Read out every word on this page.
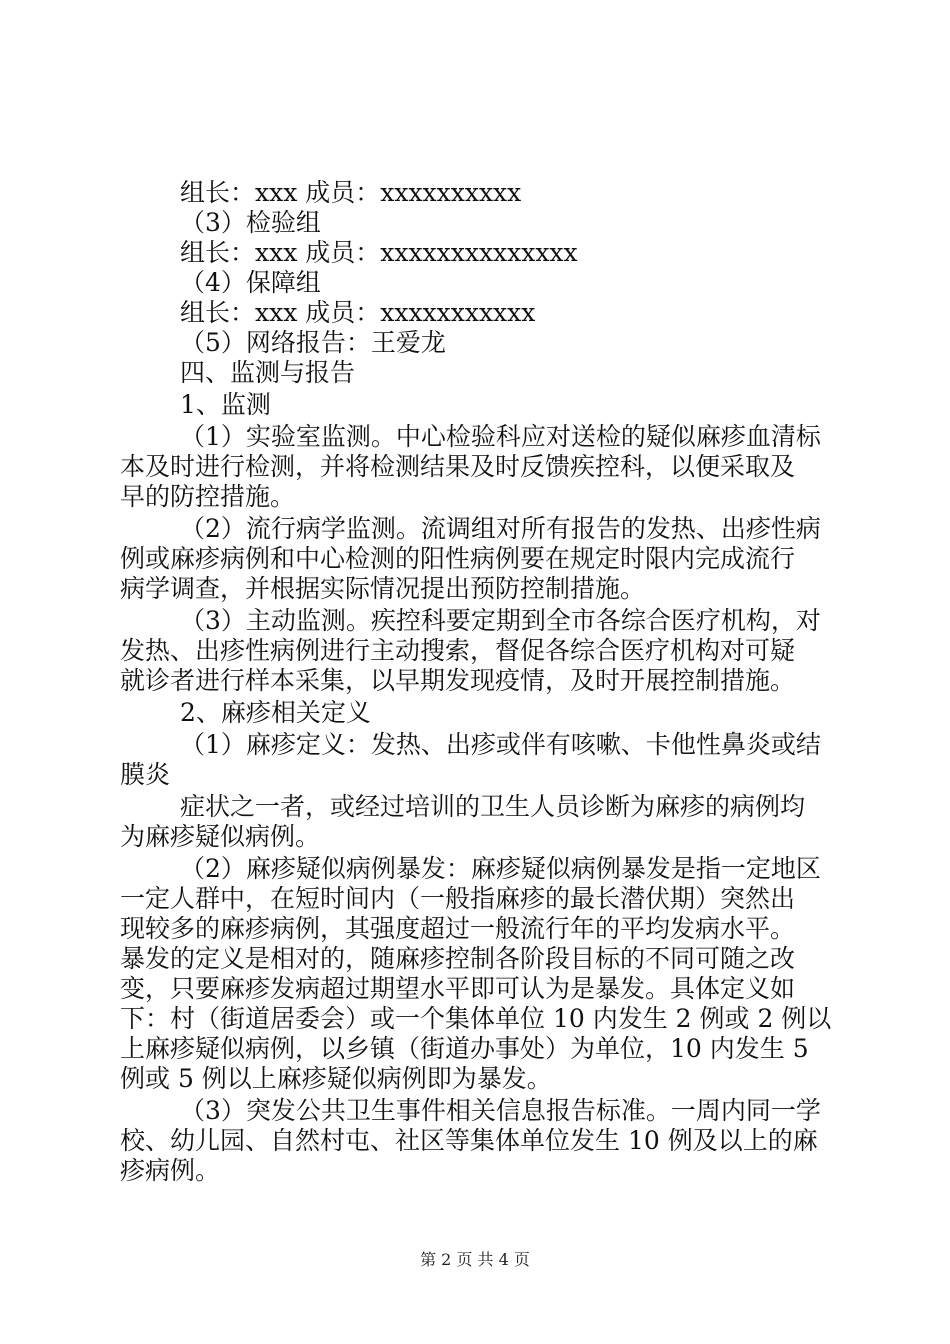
组长：xxx 成员：xxxxxxxxxx
（3）检验组
组长：xxx 成员：xxxxxxxxxxxxxx
（4）保障组
组长：xxx 成员：xxxxxxxxxxx
（5）网络报告：王爱龙
四、监测与报告
1、监测
（1）实验室监测。中心检验科应对送检的疑似麻疹血清标
本及时进行检测，并将检测结果及时反馈疾控科，以便采取及
早的防控措施。
（2）流行病学监测。流调组对所有报告的发热、出疹性病
例或麻疹病例和中心检测的阳性病例要在规定时限内完成流行
病学调查，并根据实际情况提出预防控制措施。
（3）主动监测。疾控科要定期到全市各综合医疗机构，对
发热、出疹性病例进行主动搜索，督促各综合医疗机构对可疑
就诊者进行样本采集，以早期发现疫情，及时开展控制措施。
2、麻疹相关定义
（1）麻疹定义：发热、出疹或伴有咳嗽、卡他性鼻炎或结
膜炎
症状之一者，或经过培训的卫生人员诊断为麻疹的病例均
为麻疹疑似病例。
（2）麻疹疑似病例暴发：麻疹疑似病例暴发是指一定地区
一定人群中，在短时间内（一般指麻疹的最长潜伏期）突然出
现较多的麻疹病例，其强度超过一般流行年的平均发病水平。
暴发的定义是相对的，随麻疹控制各阶段目标的不同可随之改
变，只要麻疹发病超过期望水平即可认为是暴发。具体定义如
下：村（街道居委会）或一个集体单位 10 内发生 2 例或 2 例以
上麻疹疑似病例，以乡镇（街道办事处）为单位，10 内发生 5
例或 5 例以上麻疹疑似病例即为暴发。
（3）突发公共卫生事件相关信息报告标准。一周内同一学
校、幼儿园、自然村屯、社区等集体单位发生 10 例及以上的麻
疹病例。
第 2 页 共 4 页
